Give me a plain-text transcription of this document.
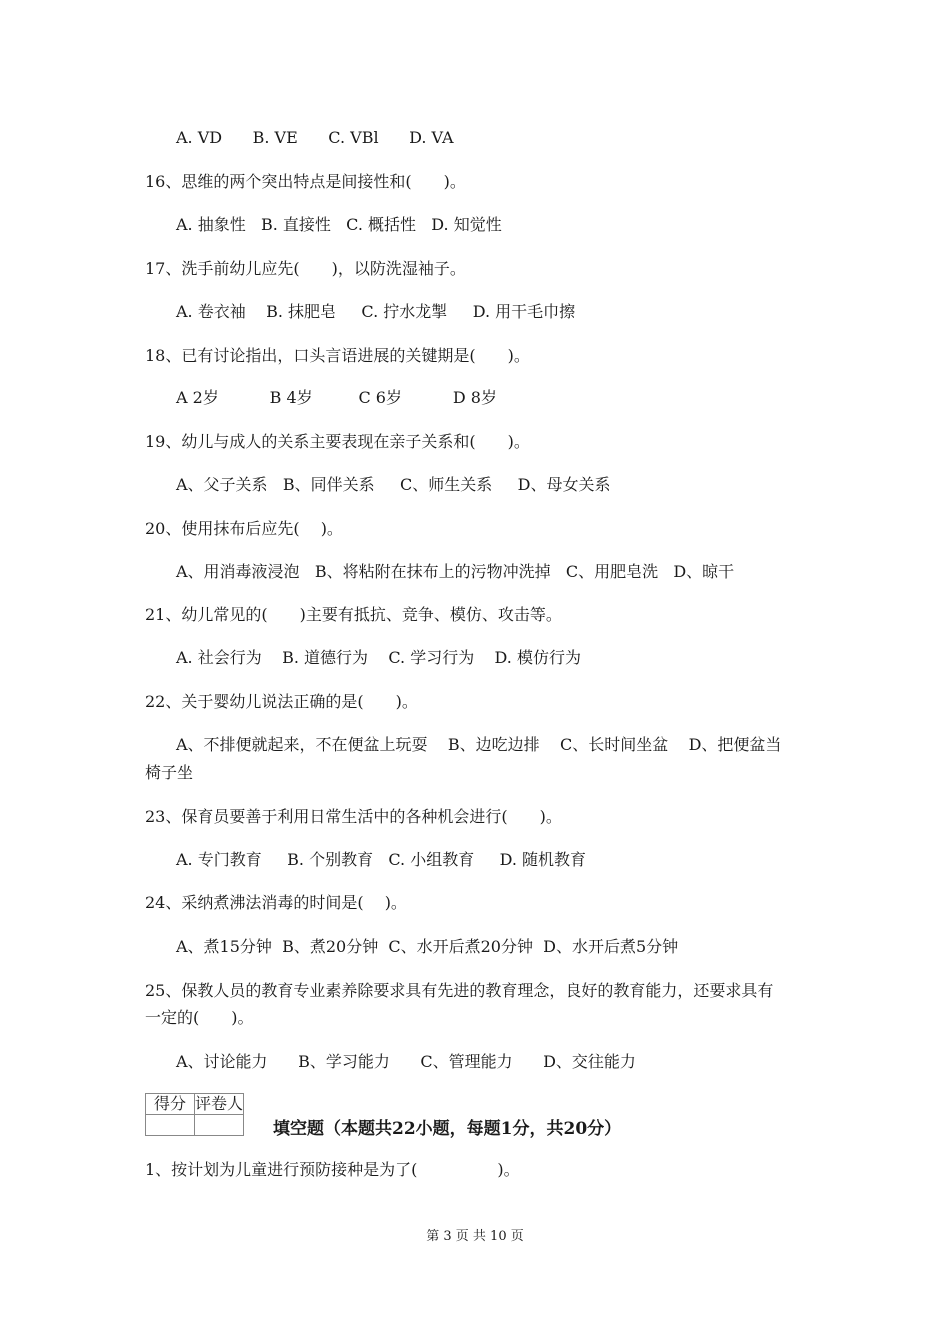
A. VD      B. VE      C. VBl      D. VA
16、思维的两个突出特点是间接性和(　　)。
A. 抽象性   B. 直接性   C. 概括性   D. 知觉性
17、洗手前幼儿应先(　　)，以防洗湿袖子。
A. 卷衣袖    B. 抹肥皂     C. 拧水龙掣     D. 用干毛巾擦
18、已有讨论指出，口头言语进展的关键期是(　　)。
A 2岁          B 4岁         C 6岁          D 8岁
19、幼儿与成人的关系主要表现在亲子关系和(　　)。
A、父子关系   B、同伴关系     C、师生关系     D、母女关系
20、使用抹布后应先(　 )。
A、用消毒液浸泡   B、将粘附在抹布上的污物冲洗掉   C、用肥皂洗   D、晾干
21、幼儿常见的(　　)主要有抵抗、竞争、模仿、攻击等。
A. 社会行为    B. 道德行为    C. 学习行为    D. 模仿行为
22、关于婴幼儿说法正确的是(　　)。
A、不排便就起来，不在便盆上玩耍    B、边吃边排    C、长时间坐盆    D、把便盆当
椅子坐
23、保育员要善于利用日常生活中的各种机会进行(　　)。
A. 专门教育     B. 个别教育   C. 小组教育     D. 随机教育
24、采纳煮沸法消毒的时间是(　 )。
A、煮15分钟  B、煮20分钟  C、水开后煮20分钟  D、水开后煮5分钟
25、保教人员的教育专业素养除要求具有先进的教育理念，良好的教育能力，还要求具有
一定的(　　)。
A、讨论能力      B、学习能力      C、管理能力      D、交往能力
1、按计划为儿童进行预防接种是为了(　　　　　)。
得分	评卷人

填空题（本题共22小题，每题1分，共20分）
第 3 页 共 10 页
